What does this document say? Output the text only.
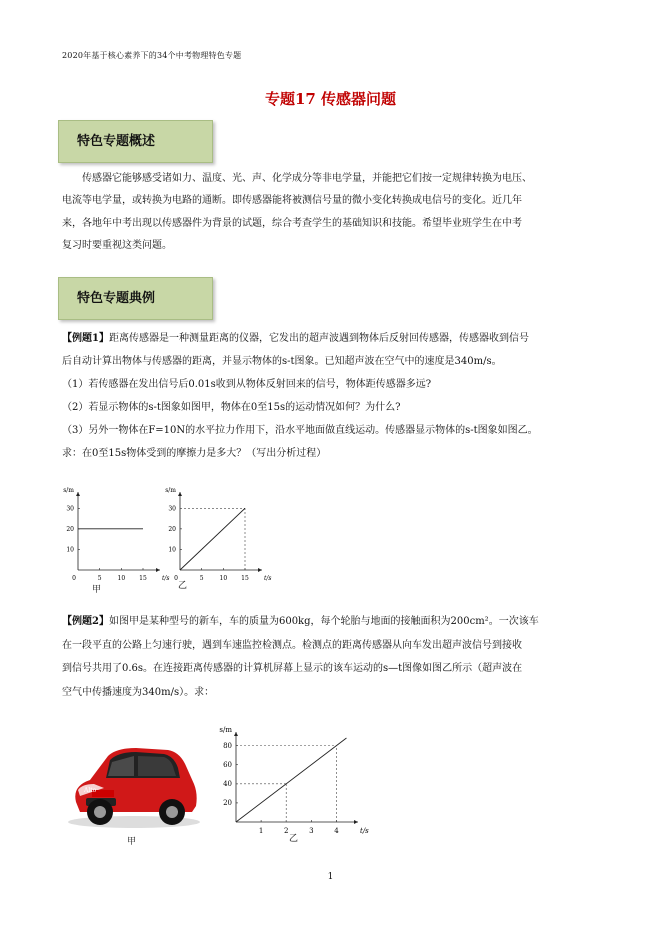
2020年基于核心素养下的34个中考物理特色专题
专题17 传感器问题
特色专题概述
传感器它能够感受诸如力、温度、光、声、化学成分等非电学量，并能把它们按一定规律转换为电压、
电流等电学量，或转换为电路的通断。即传感器能将被测信号量的微小变化转换成电信号的变化。近几年
来，各地年中考出现以传感器件为背景的试题，综合考查学生的基础知识和技能。希望毕业班学生在中考
复习时要重视这类问题。
特色专题典例
【例题1】距离传感器是一种测量距离的仪器，它发出的超声波遇到物体后反射回传感器，传感器收到信号
后自动计算出物体与传感器的距离，并显示物体的s-t图象。已知超声波在空气中的速度是340m/s。
（1）若传感器在发出信号后0.01s收到从物体反射回来的信号，物体距传感器多远?
（2）若显示物体的s-t图象如图甲，物体在0至15s的运动情况如何？为什么?
（3）另外一物体在F=10N的水平拉力作用下，沿水平地面做直线运动。传感器显示物体的s-t图象如图乙。
求：在0至15s物体受到的摩擦力是多大？（写出分析过程）
s/m
t/s
0	5	10 15
10
20
30
s/m
t/s
0	5	10 15
10
20
30
甲	乙
【例题2】如图甲是某种型号的新车，车的质量为600kg，每个轮胎与地面的接触面积为200cm²。一次该车
在一段平直的公路上匀速行驶，遇到车速监控检测点。检测点的距离传感器从向车发出超声波信号到接收
到信号共用了0.6s。在连接距离传感器的计算机屏幕上显示的该车运动的s—t图像如图乙所示（超声波在
空气中传播速度为340m/s）。求：
Alto
甲
s/m
t/s
1	2	3	4
20
40
60
80
乙
1
